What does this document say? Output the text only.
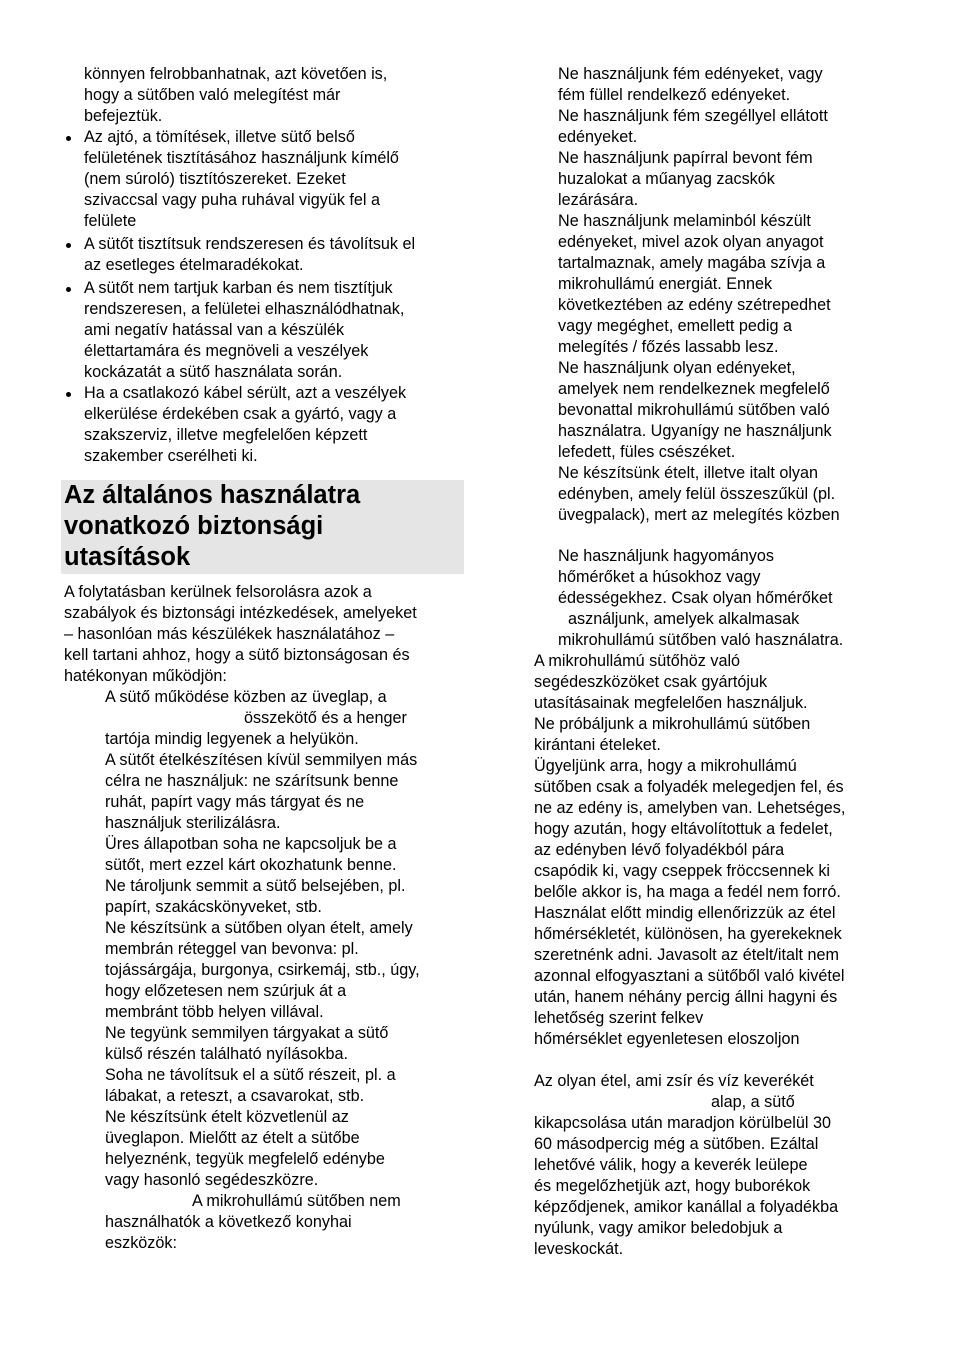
könnyen felrobbanhatnak, azt követően is,
hogy a sütőben való melegítést már
befejeztük.
Az ajtó, a tömítések, illetve sütő belső
felületének tisztításához használjunk kímélő
(nem súroló) tisztítószereket. Ezeket
szivaccsal vagy puha ruhával vigyük fel a
felülete
A sütőt tisztítsuk rendszeresen és távolítsuk el
az esetleges ételmaradékokat.
A sütőt nem tartjuk karban és nem tisztítjuk
rendszeresen, a felületei elhasználódhatnak,
ami negatív hatással van a készülék
élettartamára és megnöveli a veszélyek
kockázatát a sütő használata során.
Ha a csatlakozó kábel sérült, azt a veszélyek
elkerülése érdekében csak a gyártó, vagy a
szakszerviz, illetve megfelelően képzett
szakember cserélheti ki.
Az általános használatra
vonatkozó biztonsági
utasítások
A folytatásban kerülnek felsorolásra azok a
szabályok és biztonsági intézkedések, amelyeket
– hasonlóan más készülékek használatához –
kell tartani ahhoz, hogy a sütő biztonságosan és
hatékonyan működjön:
A sütő működése közben az üveglap, a
összekötő és a henger
tartója mindig legyenek a helyükön.
A sütőt ételkészítésen kívül semmilyen más
célra ne használjuk: ne szárítsunk benne
ruhát, papírt vagy más tárgyat és ne
használjuk sterilizálásra.
Üres állapotban soha ne kapcsoljuk be a
sütőt, mert ezzel kárt okozhatunk benne.
Ne tároljunk semmit a sütő belsejében, pl.
papírt, szakácskönyveket, stb.
Ne készítsünk a sütőben olyan ételt, amely
membrán réteggel van bevonva: pl.
tojássárgája, burgonya, csirkemáj, stb., úgy,
hogy előzetesen nem szúrjuk át a
membránt több helyen villával.
Ne tegyünk semmilyen tárgyakat a sütő
külső részén található nyílásokba.
Soha ne távolítsuk el a sütő részeit, pl. a
lábakat, a reteszt, a csavarokat, stb.
Ne készítsünk ételt közvetlenül az
üveglapon. Mielőtt az ételt a sütőbe
helyeznénk, tegyük megfelelő edénybe
vagy hasonló segédeszközre.
A mikrohullámú sütőben nem
használhatók a következő konyhai
eszközök:
Ne használjunk fém edényeket, vagy
fém füllel rendelkező edényeket.
Ne használjunk fém szegéllyel ellátott
edényeket.
Ne használjunk papírral bevont fém
huzalokat a műanyag zacskók
lezárására.
Ne használjunk melaminból készült
edényeket, mivel azok olyan anyagot
tartalmaznak, amely magába szívja a
mikrohullámú energiát. Ennek
következtében az edény szétrepedhet
vagy megéghet, emellett pedig a
melegítés / főzés lassabb lesz.
Ne használjunk olyan edényeket,
amelyek nem rendelkeznek megfelelő
bevonattal mikrohullámú sütőben való
használatra. Ugyanígy ne használjunk
lefedett, füles csészéket.
Ne készítsünk ételt, illetve italt olyan
edényben, amely felül összeszűkül (pl.
üvegpalack), mert az melegítés közben
Ne használjunk hagyományos
hőmérőket a húsokhoz vagy
édességekhez. Csak olyan hőmérőket
asználjunk, amelyek alkalmasak
mikrohullámú sütőben való használatra.
A mikrohullámú sütőhöz való
segédeszközöket csak gyártójuk
utasításainak megfelelően használjuk.
Ne próbáljunk a mikrohullámú sütőben
kirántani ételeket.
Ügyeljünk arra, hogy a mikrohullámú
sütőben csak a folyadék melegedjen fel, és
ne az edény is, amelyben van. Lehetséges,
hogy azután, hogy eltávolítottuk a fedelet,
az edényben lévő folyadékból pára
csapódik ki, vagy cseppek fröccsennek ki
belőle akkor is, ha maga a fedél nem forró.
Használat előtt mindig ellenőrizzük az étel
hőmérsékletét, különösen, ha gyerekeknek
szeretnénk adni. Javasolt az ételt/italt nem
azonnal elfogyasztani a sütőből való kivétel
után, hanem néhány percig állni hagyni és
lehetőség szerint felkev
hőmérséklet egyenletesen eloszoljon
Az olyan étel, ami zsír és víz keverékét
alap, a sütő
kikapcsolása után maradjon körülbelül 30
60 másodpercig még a sütőben. Ezáltal
lehetővé válik, hogy a keverék leülepe
és megelőzhetjük azt, hogy buborékok
képződjenek, amikor kanállal a folyadékba
nyúlunk, vagy amikor beledobjuk a
leveskockát.
